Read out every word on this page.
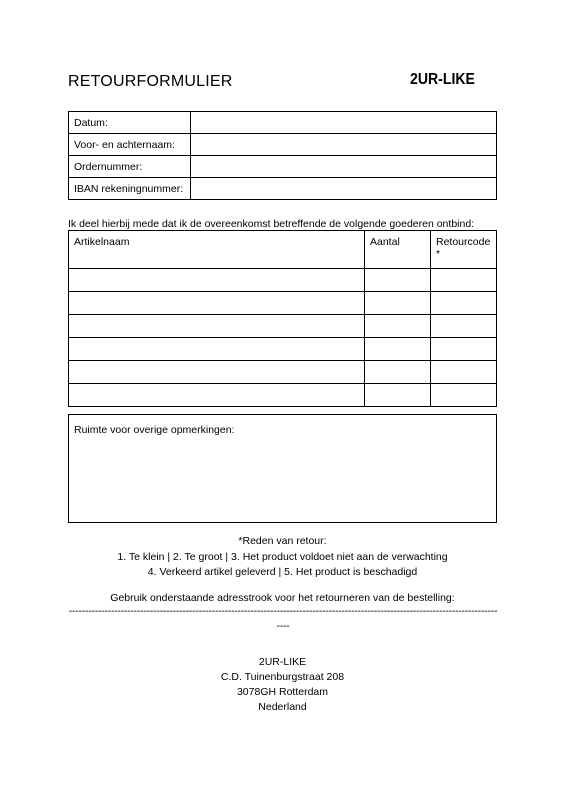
RETOURFORMULIER	2UR-LIKE
Datum:	
Voor- en achternaam:	
Ordernummer:	
IBAN rekeningnummer:	
Ik deel hierbij mede dat ik de overeenkomst betreffende de volgende goederen ontbind:
Artikelnaam	Aantal	Retourcode *

Ruimte voor overige opmerkingen:
*Reden van retour:
1. Te klein | 2. Te groot | 3. Het product voldoet niet aan de verwachting
4. Verkeerd artikel geleverd | 5. Het product is beschadigd
Gebruik onderstaande adresstrook voor het retourneren van de bestelling:
----------------------------------------------------------------------------------------------------------------------------------------
2UR-LIKE
C.D. Tuinenburgstraat 208
3078GH Rotterdam
Nederland
